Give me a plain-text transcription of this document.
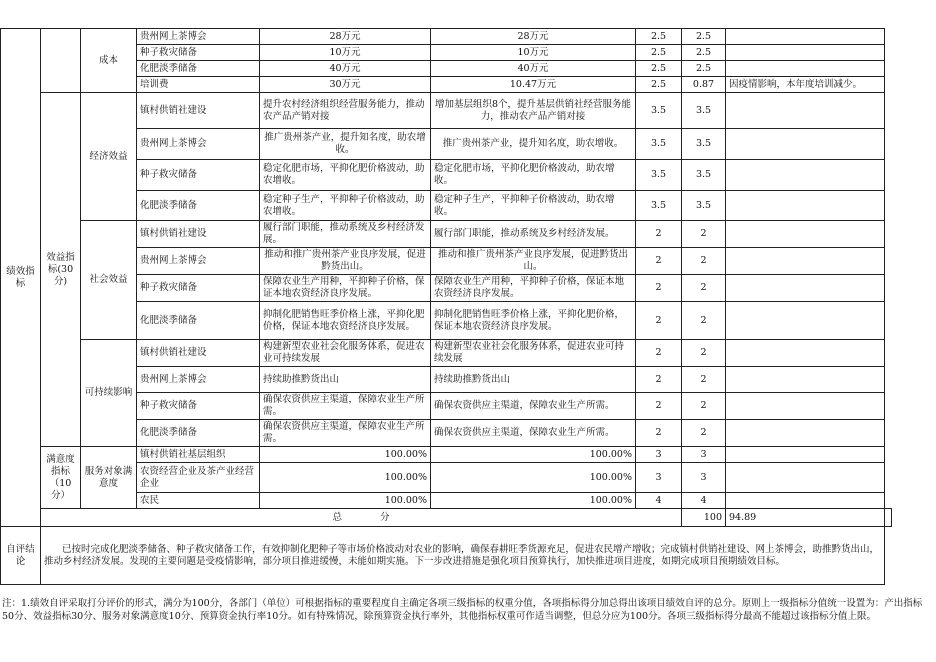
绩效指标		成本	贵州网上茶博会	28万元	28万元	2.5	2.5		
			种子救灾储备	10万元	10万元	2.5	2.5		
			化肥淡季储备	40万元	40万元	2.5	2.5		
			培训费	30万元	10.47万元	2.5	0.87	因疫情影响，本年度培训减少。	
	效益指标(30分)	经济效益	镇村供销社建设	提升农村经济组织经营服务能力，推动农产品产销对接	增加基层组织8个，提升基层供销社经营服务能力，推动农产品产销对接	3.5	3.5		
			贵州网上茶博会	推广贵州茶产业，提升知名度，助农增收。	推广贵州茶产业，提升知名度，助农增收。	3.5	3.5		
			种子救灾储备	稳定化肥市场，平抑化肥价格波动，助农增收。	稳定化肥市场，平抑化肥价格波动，助农增收。	3.5	3.5		
			化肥淡季储备	稳定种子生产，平抑种子价格波动，助农增收。	稳定种子生产，平抑种子价格波动，助农增收。	3.5	3.5		
		社会效益	镇村供销社建设	履行部门职能，推动系统及乡村经济发展。	履行部门职能，推动系统及乡村经济发展。	2	2		
			贵州网上茶博会	推动和推广贵州茶产业良序发展，促进黔货出山。	推动和推广贵州茶产业良序发展，促进黔货出山。	2	2		
			种子救灾储备	保障农业生产用种，平抑种子价格，保证本地农资经济良序发展。	保障农业生产用种，平抑种子价格，保证本地农资经济良序发展。	2	2		
			化肥淡季储备	抑制化肥销售旺季价格上涨，平抑化肥价格，保证本地农资经济良序发展。	抑制化肥销售旺季价格上涨，平抑化肥价格，保证本地农资经济良序发展。	2	2		
		可持续影响	镇村供销社建设	构建新型农业社会化服务体系，促进农业可持续发展	构建新型农业社会化服务体系，促进农业可持续发展	2	2		
			贵州网上茶博会	持续助推黔货出山	持续助推黔货出山	2	2		
			种子救灾储备	确保农资供应主渠道，保障农业生产所需。	确保农资供应主渠道，保障农业生产所需。	2	2		
			化肥淡季储备	确保农资供应主渠道，保障农业生产所需。	确保农资供应主渠道，保障农业生产所需。	2	2		
	满意度指标（10分）	服务对象满意度	镇村供销社基层组织	100.00%	100.00%	3	3		
			农资经营企业及茶产业经营企业	100.00%	100.00%	3	3		
			农民	100.00%	100.00%	4	4		
	总　　　　分						100	94.89	
自评结论	已按时完成化肥淡季储备、种子救灾储备工作，有效抑制化肥种子等市场价格波动对农业的影响，确保春耕旺季货源充足，促进农民增产增收；完成镇村供销社建设、网上茶博会，助推黔货出山，推动乡村经济发展。发现的主要问题是受疫情影响，部分项目推进缓慢，未能如期实施。下一步改进措施是强化项目预算执行，加快推进项目进度，如期完成项目预期绩效目标。								
注：1.绩效自评采取打分评价的形式，满分为100分，各部门（单位）可根据指标的重要程度自主确定各项三级指标的权重分值，各项指标得分加总得出该项目绩效自评的总分。原则上一级指标分值统一设置为：产出指标50分、效益指标30分、服务对象满意度10分、预算资金执行率10分。如有特殊情况，除预算资金执行率外，其他指标权重可作适当调整，但总分应为100分。各项三级指标得分最高不能超过该指标分值上限。
